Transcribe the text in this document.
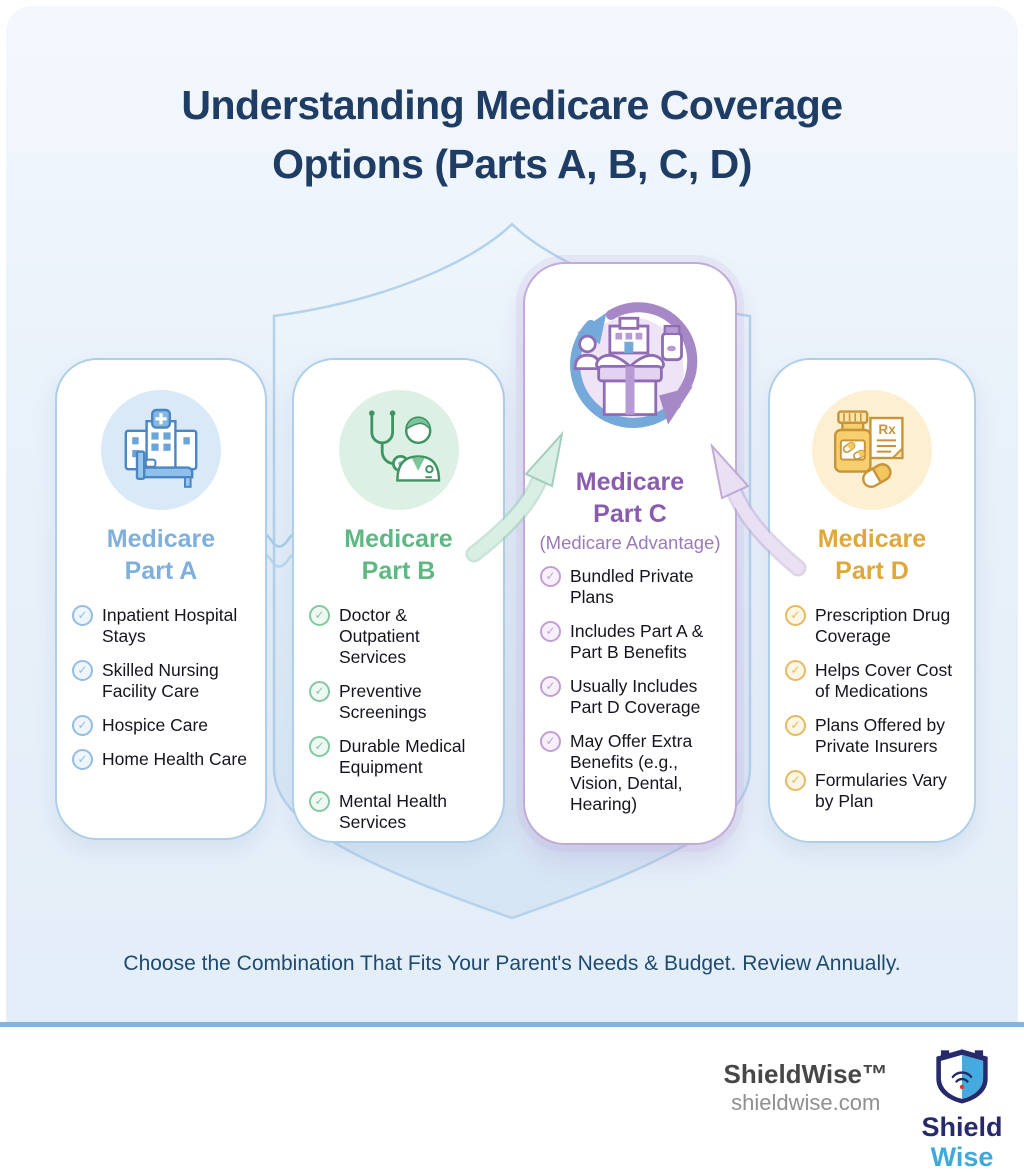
Understanding Medicare Coverage
Options (Parts A, B, C, D)
Medicare
Part A
✓ Inpatient Hospital Stays
✓ Skilled Nursing Facility Care
✓ Hospice Care
✓ Home Health Care
Medicare
Part B
✓ Doctor & Outpatient Services
✓ Preventive Screenings
✓ Durable Medical Equipment
✓ Mental Health Services
Medicare
Part C
(Medicare Advantage)
✓ Bundled Private Plans
✓ Includes Part A & Part B Benefits
✓ Usually Includes Part D Coverage
✓ May Offer Extra Benefits (e.g., Vision, Dental, Hearing)
Rx
Medicare
Part D
✓ Prescription Drug Coverage
✓ Helps Cover Cost of Medications
✓ Plans Offered by Private Insurers
✓ Formularies Vary by Plan
Choose the Combination That Fits Your Parent's Needs & Budget. Review Annually.
ShieldWise™
shieldwise.com
Shield
Wise
